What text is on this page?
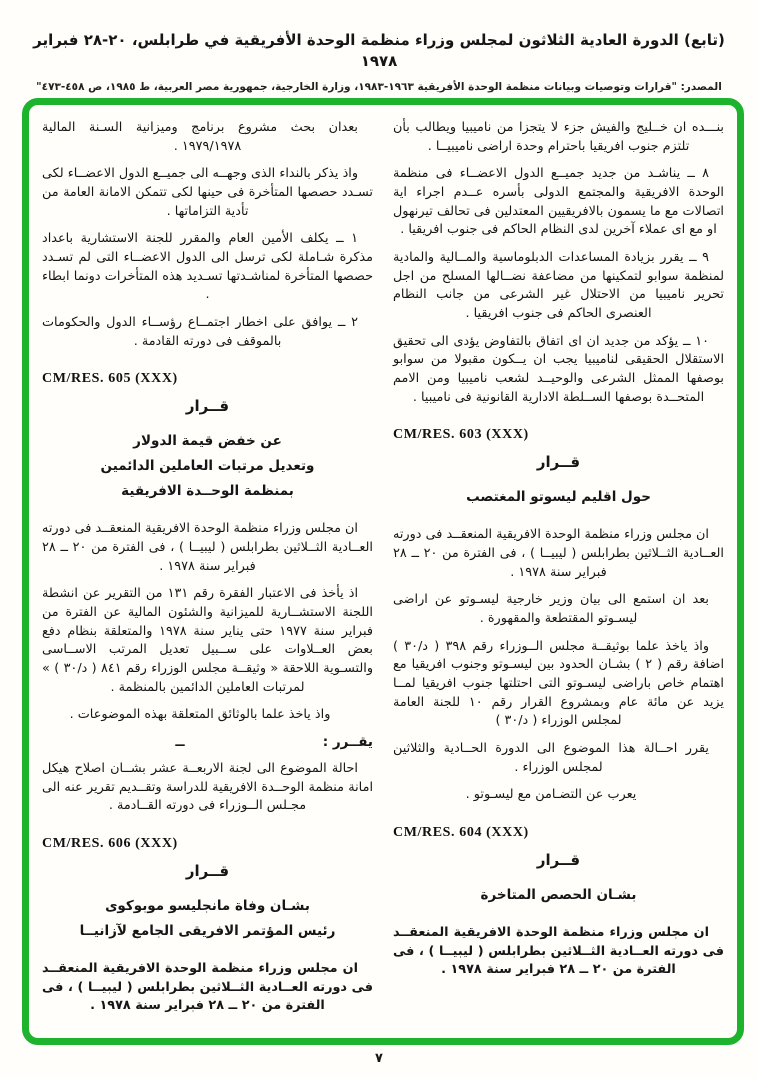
(تابع) الدورة العادية الثلاثون لمجلس وزراء منظمة الوحدة الأفريقية في طرابلس، ٢٠-٢٨ فبراير ١٩٧٨
المصدر: "قرارات وتوصيات وبيانات منظمة الوحدة الأفريقية ١٩٦٣-١٩٨٣، وزارة الخارجية، جمهورية مصر العربية، ط ١٩٨٥، ص ٤٥٨-٤٧٣"

بنـــده ان خــليج والفيش جزء لا يتجزا من ناميبيا ويطالب بأن تلتزم جنوب افريقيا باحترام وحدة اراضى ناميبيــا .

٨ ــ يناشـد من جديد جميــع الدول الاعضــاء فى منظمة الوحدة الافريقية والمجتمع الدولى بأسره عــدم اجراء اية اتصالات مع ما يسمون بالافريقيين المعتدلين فى تحالف تيرنهول او مع اى عملاء آخرين لدى النظام الحاكم فى جنوب افريقيا .

٩ ــ يقرر بزيادة المساعدات الدبلوماسية والمــالية والمادية لمنظمة سوابو لتمكينها من مضاعفة نضــالها المسلح من اجل تحرير ناميبيا من الاحتلال غير الشرعى من جانب النظام العنصرى الحاكم فى جنوب افريقيا .

١٠ ــ يؤكد من جديد ان اى اتفاق بالتفاوض يؤدى الى تحقيق الاستقلال الحقيقى لناميبيا يجب ان يــكون مقبولا من سوابو بوصفها الممثل الشرعى والوحيــد لشعب ناميبيا ومن الامم المتحــدة بوصفها الســلطة الادارية القانونية فى ناميبيا .

CM/RES. 603 (XXX)
قــرار
حول اقليم ليسوتو المغتصب

ان مجلس وزراء منظمة الوحدة الافريقية المنعقــد فى دورته العــادية الثــلاثين بطرابلس ( ليبيــا ) ، فى الفترة من ٢٠ ــ ٢٨ فبراير سنة ١٩٧٨ .

بعد ان استمع الى بيان وزير خارجية ليسـوتو عن اراضى ليسـوتو المقتطعة والمقهورة .

واذ ياخذ علما بوثيقــة مجلس الــوزراء رقم ٣٩٨ ( د/٣٠ ) اضافة رقم ( ٢ ) بشـان الحدود بين ليسـوتو وجنوب افريقيا مع اهتمام خاص باراضى ليسـوتو التى احتلتها جنوب افريقيا لمــا يزيد عن مائة عام وبمشروع القرار رقم ١٠ للجنة العامة لمجلس الوزراء ( د/٣٠ )

يقرر احــالة هذا الموضوع الى الدورة الحــادية والثلاثين لمجلس الوزراء .

يعرب عن التضـامن مع ليسـوتو .

CM/RES. 604 (XXX)
قــرار
بشـان الحصص المتاخرة

ان مجلس وزراء منظمة الوحدة الافريقية المنعقــد فى دورته العــادية الثــلاثين بطرابلس ( ليبيــا ) ، فى الفترة من ٢٠ ــ ٢٨ فبراير سنة ١٩٧٨ .

بعدان بحث مشروع برنامج وميزانية السـنة المالية ١٩٧٩/١٩٧٨ .

واذ يذكر بالنداء الذى وجهــه الى جميــع الدول الاعضــاء لكى تسـدد حصصها المتأخرة فى حينها لكى تتمكن الامانة العامة من تأدية التزاماتها .

١ ــ يكلف الأمين العام والمقرر للجنة الاستشارية باعداد مذكرة شـاملة لكى ترسل الى الدول الاعضــاء التى لم تسـدد حصصها المتأخرة لمناشـدتها تسـديد هذه المتأخرات دونما ابطاء .

٢ ــ يوافق على اخطار اجتمــاع رؤســاء الدول والحكومات بالموقف فى دورته القادمة .

CM/RES. 605 (XXX)
قــرار
عن خفض قيمة الدولار
وتعديل مرتبات العاملين الدائمين
بمنظمة الوحــدة الافريقية

ان مجلس وزراء منظمة الوحدة الافريقية المنعقــد فى دورته العــادية الثــلاثين بطرابلس ( ليبيــا ) ، فى الفترة من ٢٠ ــ ٢٨ فبراير سنة ١٩٧٨ .

اذ يأخذ فى الاعتبار الفقرة رقم ١٣١ من التقرير عن انشطة اللجنة الاستشــارية للميزانية والشئون المالية عن الفترة من فبراير سنة ١٩٧٧ حتى يناير سنة ١٩٧٨ والمتعلقة بنظام دفع بعض العــلاوات على ســبيل تعديل المرتب الاســاسى والتسـوية اللاحقة « وثيقــة مجلس الوزراء رقم ٨٤١ ( د/٣٠ ) » لمرتبات العاملين الدائمين بالمنظمة .

واذ ياخذ علما بالوثائق المتعلقة بهذه الموضوعات .

يقــرر :
ــ

احالة الموضوع الى لجنة الاربعــة عشر بشــان اصلاح هيكل امانة منظمة الوحــدة الافريقية للدراسة وتقــديم تقرير عنه الى مجـلس الــوزراء فى دورته القــادمة .

CM/RES. 606 (XXX)
قــرار
بشـان وفاة مانجليسو موبوكوى
رئيس المؤتمر الافريقى الجامع لآزانيــا

ان مجلس وزراء منظمة الوحدة الافريقية المنعقــد فى دورته العــادية الثــلاثين بطرابلس ( ليبيــا ) ، فى الفترة من ٢٠ ــ ٢٨ فبراير سنة ١٩٧٨ .

٧
